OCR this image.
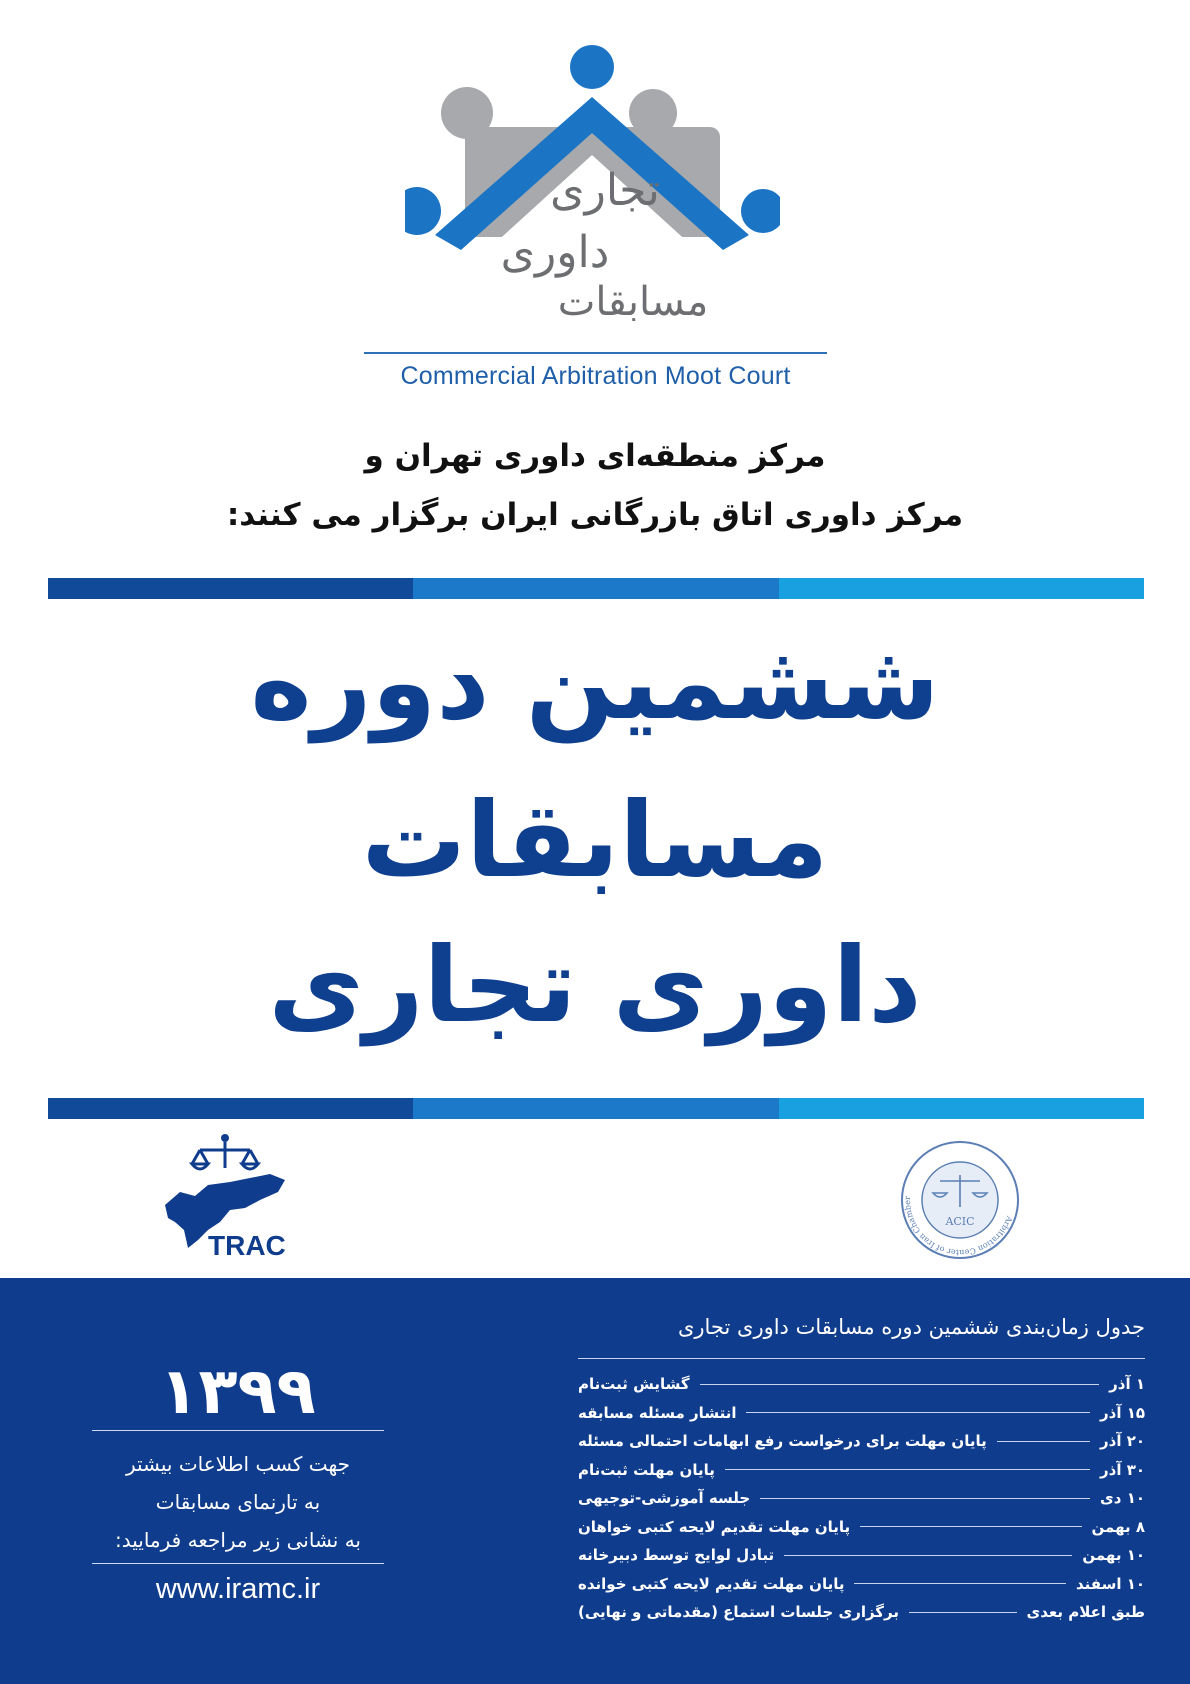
تجاری
داوری
مسابقات
Commercial Arbitration Moot Court
مرکز منطقه‌ای داوری تهران و
مرکز داوری اتاق بازرگانی ایران برگزار می کنند:
ششمین دوره
مسابقات
داوری تجاری
TRAC
Arbitration Center of Iran Chamber
ACIC
۱۳۹۹
جهت کسب اطلاعات بیشتر
به تارنمای مسابقات
به نشانی زیر مراجعه فرمایید:
www.iramc.ir
جدول زمان‌بندی ششمین دوره مسابقات داوری تجاری
گشایش ثبت‌نام	۱ آذر
انتشار مسئله مسابقه	۱۵ آذر
پایان مهلت برای درخواست رفع ابهامات احتمالی مسئله	۲۰ آذر
پایان مهلت ثبت‌نام	۳۰ آذر
جلسه آموزشی-توجیهی	۱۰ دی
پایان مهلت تقدیم لایحه کتبی خواهان	۸ بهمن
تبادل لوایح توسط دبیرخانه	۱۰ بهمن
پایان مهلت تقدیم لایحه کتبی خوانده	۱۰ اسفند
برگزاری جلسات استماع (مقدماتی و نهایی)	طبق اعلام بعدی
